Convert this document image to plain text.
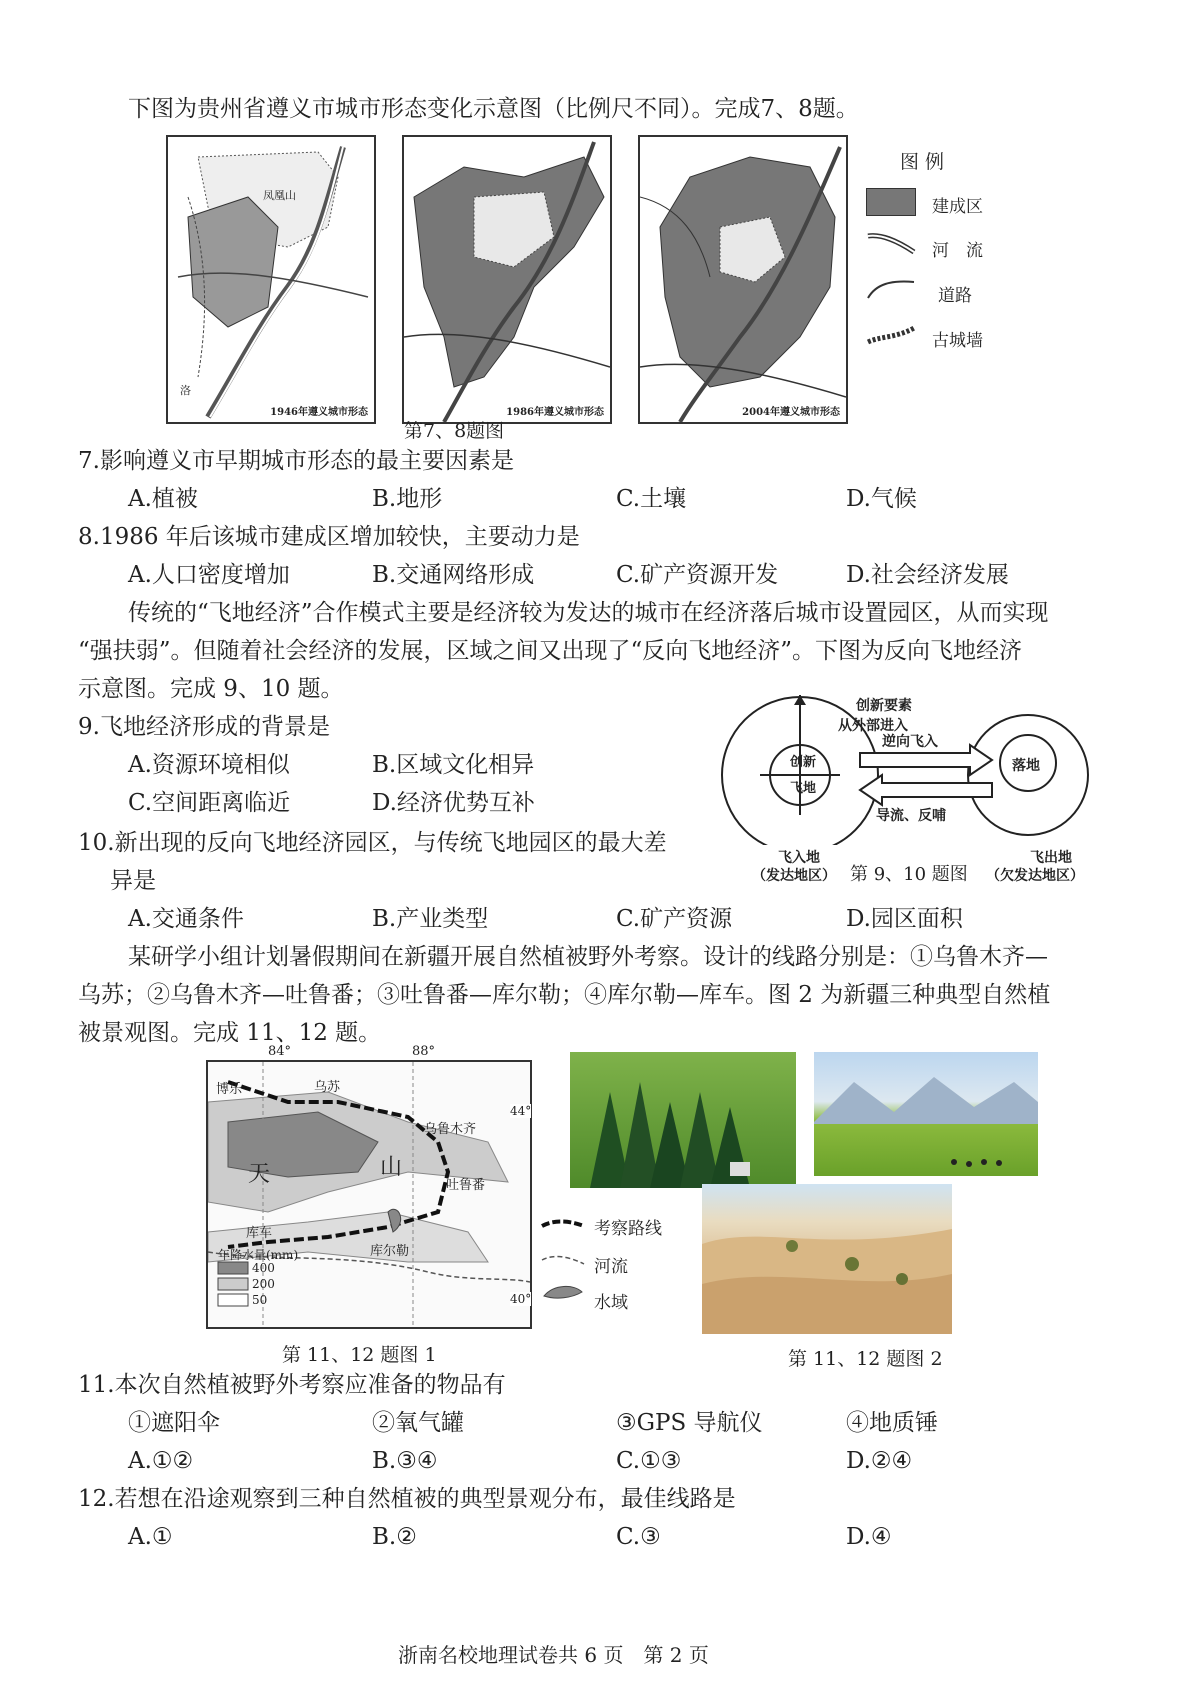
下图为贵州省遵义市城市形态变化示意图（比例尺不同）。完成7、8题。
凤凰山
洛
1946年遵义城市形态	1986年遵义城市形态	2004年遵义城市形态
图 例
建成区
河　流
道路
古城墙
第7、8题图
7.影响遵义市早期城市形态的最主要因素是
A.植被	B.地形	C.土壤	D.气候
8.1986 年后该城市建成区增加较快，主要动力是
A.人口密度增加	B.交通网络形成	C.矿产资源开发	D.社会经济发展
传统的“飞地经济”合作模式主要是经济较为发达的城市在经济落后城市设置园区，从而实现
“强扶弱”。但随着社会经济的发展，区域之间又出现了“反向飞地经济”。下图为反向飞地经济
示意图。完成 9、10 题。
9.飞地经济形成的背景是
A.资源环境相似	B.区域文化相异
C.空间距离临近	D.经济优势互补
创新要素
从外部进入
创新
飞地
逆向飞入
导流、反哺
落地
飞入地
（发达地区） 第 9、10 题图
飞出地
（欠发达地区）
10.新出现的反向飞地经济园区，与传统飞地园区的最大差
异是
A.交通条件	B.产业类型	C.矿产资源	D.园区面积
某研学小组计划暑假期间在新疆开展自然植被野外考察。设计的线路分别是：①乌鲁木齐—
乌苏；②乌鲁木齐—吐鲁番；③吐鲁番—库尔勒；④库尔勒—库车。图 2 为新疆三种典型自然植
被景观图。完成 11、12 题。
博乐	乌苏
乌鲁木齐
吐鲁番
库车
库尔勒
天	山
年降水量(mm)
400
200
50
84°	88°
44°
40°
考察路线
河流
水域
第 11、12 题图 1	第 11、12 题图 2
11.本次自然植被野外考察应准备的物品有
①遮阳伞	②氧气罐	③GPS 导航仪	④地质锤
A.①②	B.③④	C.①③	D.②④
12.若想在沿途观察到三种自然植被的典型景观分布，最佳线路是
A.①	B.②	C.③	D.④
浙南名校地理试卷共 6 页　第 2 页
